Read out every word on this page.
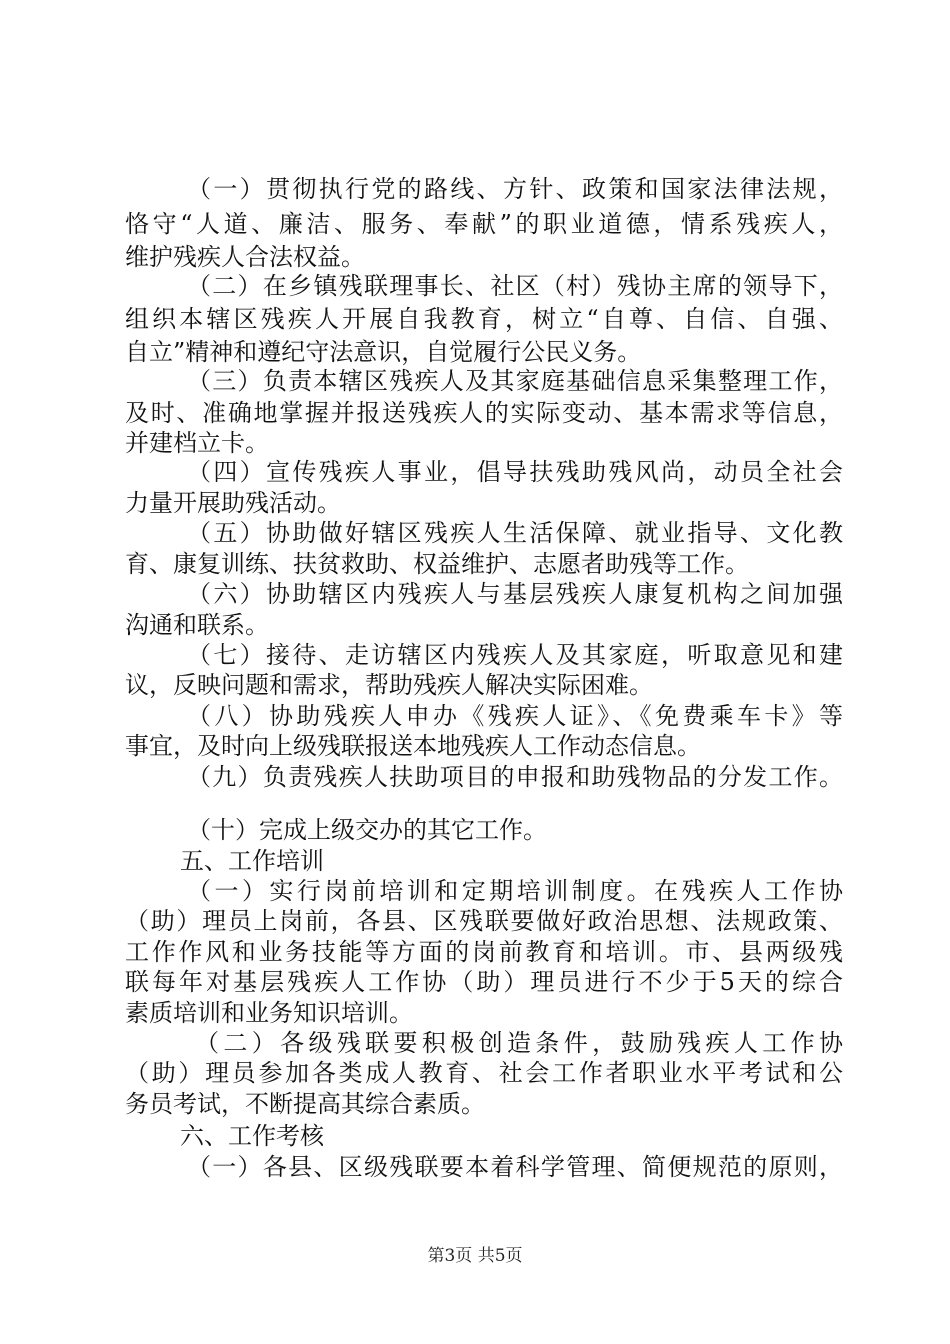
（一）贯彻执行党的路线、方针、政策和国家法律法规，
恪守“人道、廉洁、服务、奉献”的职业道德，情系残疾人，
维护残疾人合法权益。
（二）在乡镇残联理事长、社区（村）残协主席的领导下，
组织本辖区残疾人开展自我教育，树立“自尊、自信、自强、
自立”精神和遵纪守法意识，自觉履行公民义务。
（三）负责本辖区残疾人及其家庭基础信息采集整理工作，
及时、准确地掌握并报送残疾人的实际变动、基本需求等信息，
并建档立卡。
（四）宣传残疾人事业，倡导扶残助残风尚，动员全社会
力量开展助残活动。
（五）协助做好辖区残疾人生活保障、就业指导、文化教
育、康复训练、扶贫救助、权益维护、志愿者助残等工作。
（六）协助辖区内残疾人与基层残疾人康复机构之间加强
沟通和联系。
（七）接待、走访辖区内残疾人及其家庭，听取意见和建
议，反映问题和需求，帮助残疾人解决实际困难。
（八）协助残疾人申办《残疾人证》、《免费乘车卡》等
事宜，及时向上级残联报送本地残疾人工作动态信息。
（九）负责残疾人扶助项目的申报和助残物品的分发工作。
（十）完成上级交办的其它工作。
五、工作培训
（一）实行岗前培训和定期培训制度。在残疾人工作协
（助）理员上岗前，各县、区残联要做好政治思想、法规政策、
工作作风和业务技能等方面的岗前教育和培训。市、县两级残
联每年对基层残疾人工作协（助）理员进行不少于5天的综合
素质培训和业务知识培训。
（二）各级残联要积极创造条件，鼓励残疾人工作协
（助）理员参加各类成人教育、社会工作者职业水平考试和公
务员考试，不断提高其综合素质。
六、工作考核
（一）各县、区级残联要本着科学管理、简便规范的原则，
第3页 共5页
